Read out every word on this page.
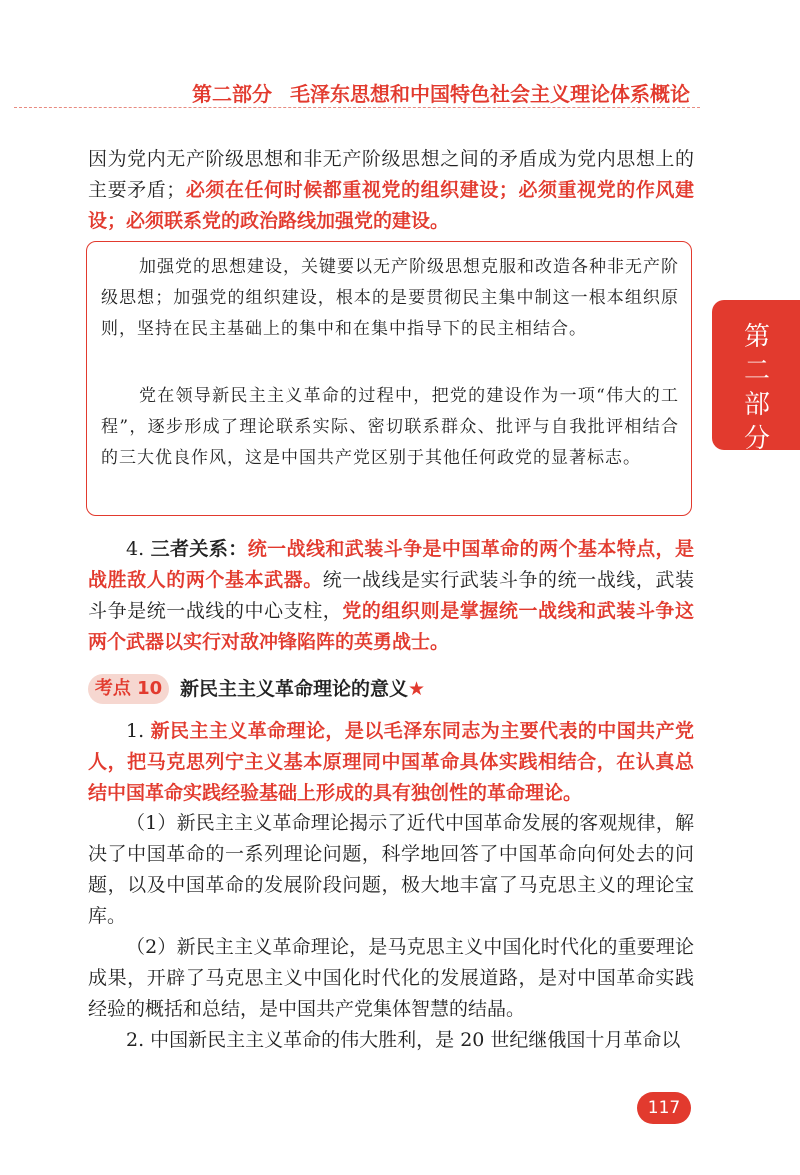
第二部分 毛泽东思想和中国特色社会主义理论体系概论
第二部分
因为党内无产阶级思想和非无产阶级思想之间的矛盾成为党内思想上的主要矛盾；必须在任何时候都重视党的组织建设；必须重视党的作风建设；必须联系党的政治路线加强党的建设。
加强党的思想建设，关键要以无产阶级思想克服和改造各种非无产阶级思想；加强党的组织建设，根本的是要贯彻民主集中制这一根本组织原则，坚持在民主基础上的集中和在集中指导下的民主相结合。
党在领导新民主主义革命的过程中，把党的建设作为一项“伟大的工程”，逐步形成了理论联系实际、密切联系群众、批评与自我批评相结合的三大优良作风，这是中国共产党区别于其他任何政党的显著标志。
4. 三者关系：统一战线和武装斗争是中国革命的两个基本特点，是战胜敌人的两个基本武器。统一战线是实行武装斗争的统一战线，武装斗争是统一战线的中心支柱，党的组织则是掌握统一战线和武装斗争这两个武器以实行对敌冲锋陷阵的英勇战士。
考点 10 新民主主义革命理论的意义★
1. 新民主主义革命理论，是以毛泽东同志为主要代表的中国共产党人，把马克思列宁主义基本原理同中国革命具体实践相结合，在认真总结中国革命实践经验基础上形成的具有独创性的革命理论。
（1）新民主主义革命理论揭示了近代中国革命发展的客观规律，解决了中国革命的一系列理论问题，科学地回答了中国革命向何处去的问题，以及中国革命的发展阶段问题，极大地丰富了马克思主义的理论宝库。
（2）新民主主义革命理论，是马克思主义中国化时代化的重要理论成果，开辟了马克思主义中国化时代化的发展道路，是对中国革命实践经验的概括和总结，是中国共产党集体智慧的结晶。
2. 中国新民主主义革命的伟大胜利，是 20 世纪继俄国十月革命以
117
